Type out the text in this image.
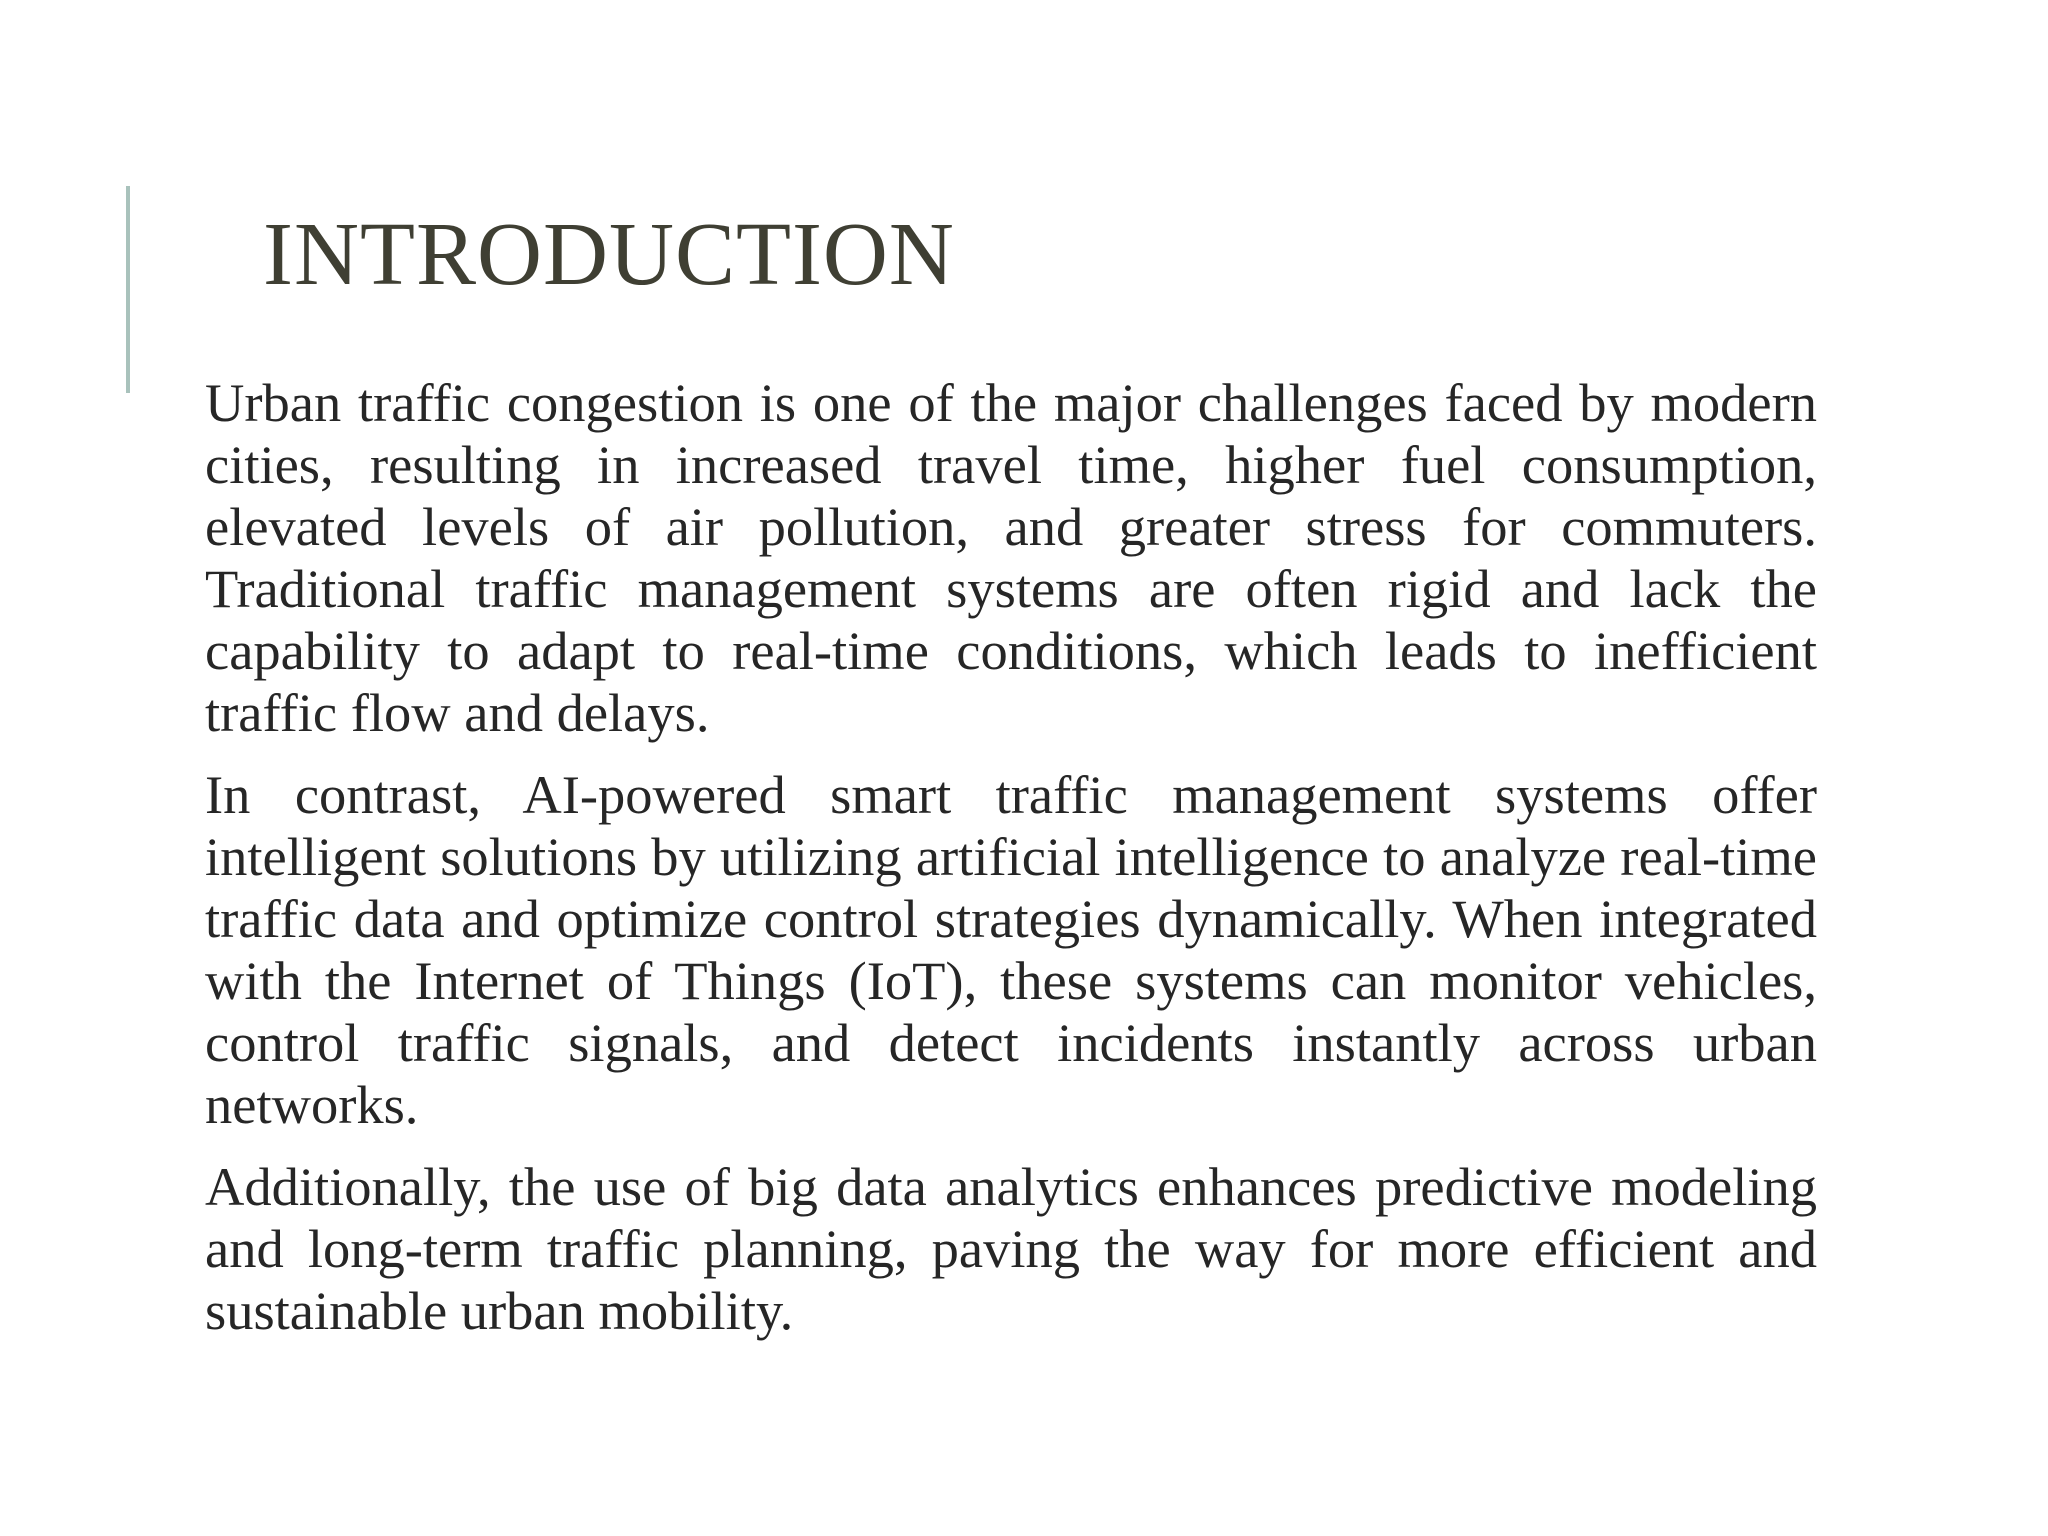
INTRODUCTION

Urban traffic congestion is one of the major challenges faced by modern cities, resulting in increased travel time, higher fuel consumption, elevated levels of air pollution, and greater stress for commuters. Traditional traffic management systems are often rigid and lack the capability to adapt to real-time conditions, which leads to inefficient traffic flow and delays.

In contrast, AI-powered smart traffic management systems offer intelligent solutions by utilizing artificial intelligence to analyze real-time traffic data and optimize control strategies dynamically. When integrated with the Internet of Things (IoT), these systems can monitor vehicles, control traffic signals, and detect incidents instantly across urban networks.

Additionally, the use of big data analytics enhances predictive modeling and long-term traffic planning, paving the way for more efficient and sustainable urban mobility.
